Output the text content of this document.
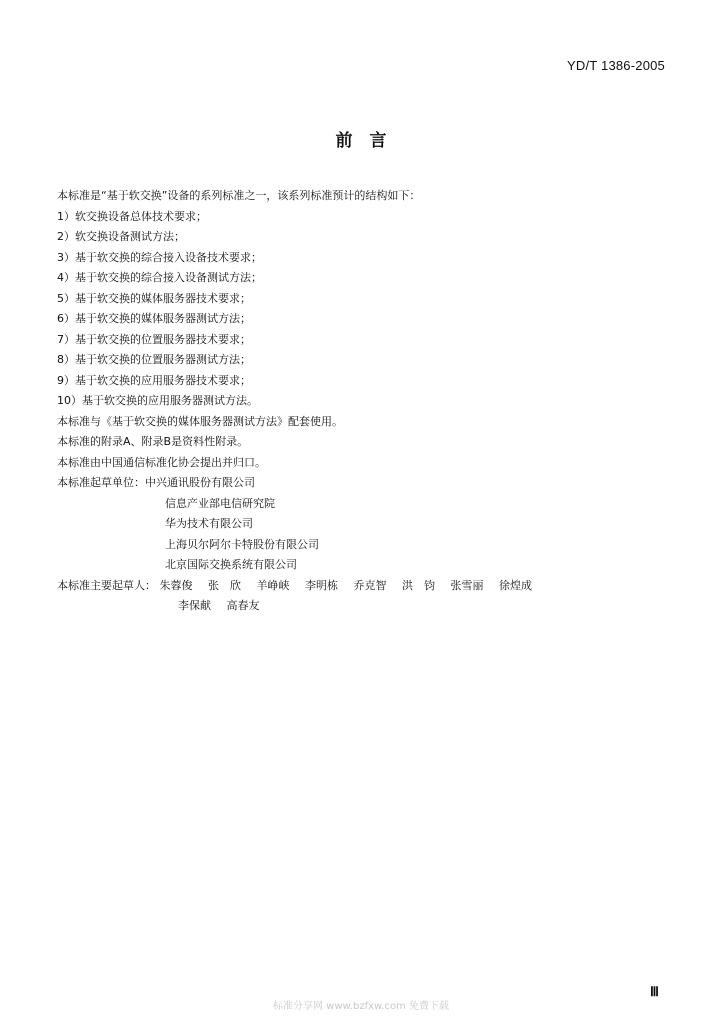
YD/T 1386-2005
前　言
本标准是“基于软交换”设备的系列标准之一，该系列标准预计的结构如下：
1）软交换设备总体技术要求；
2）软交换设备测试方法；
3）基于软交换的综合接入设备技术要求；
4）基于软交换的综合接入设备测试方法；
5）基于软交换的媒体服务器技术要求；
6）基于软交换的媒体服务器测试方法；
7）基于软交换的位置服务器技术要求；
8）基于软交换的位置服务器测试方法；
9）基于软交换的应用服务器技术要求；
10）基于软交换的应用服务器测试方法。
本标准与《基于软交换的媒体服务器测试方法》配套使用。
本标准的附录A、附录B是资料性附录。
本标准由中国通信标准化协会提出并归口。
本标准起草单位：中兴通讯股份有限公司
信息产业部电信研究院
华为技术有限公司
上海贝尔阿尔卡特股份有限公司
北京国际交换系统有限公司
本标准主要起草人： 朱蓉俊 张　欣 羊峥峡 李明栋 乔克智 洪　钧 张雪丽 徐煌成
李保献 高春友
Ⅲ
标准分享网 www.bzfxw.com 免费下载
